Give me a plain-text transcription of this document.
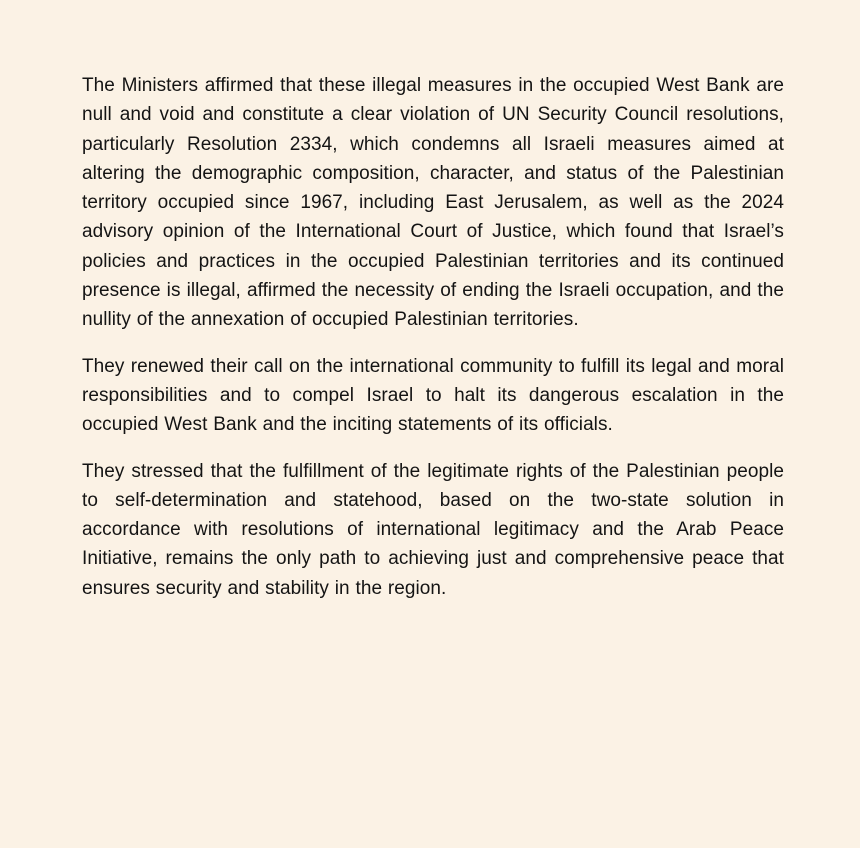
The Ministers affirmed that these illegal measures in the occupied West Bank are null and void and constitute a clear violation of UN Security Council resolutions, particularly Resolution 2334, which condemns all Israeli measures aimed at altering the demographic composition, character, and status of the Palestinian territory occupied since 1967, including East Jerusalem, as well as the 2024 advisory opinion of the International Court of Justice, which found that Israel’s policies and practices in the occupied Palestinian territories and its continued presence is illegal, affirmed the necessity of ending the Israeli occupation, and the nullity of the annexation of occupied Palestinian territories.

They renewed their call on the international community to fulfill its legal and moral responsibilities and to compel Israel to halt its dangerous escalation in the occupied West Bank and the inciting statements of its officials.

They stressed that the fulfillment of the legitimate rights of the Palestinian people to self-determination and statehood, based on the two-state solution in accordance with resolutions of international legitimacy and the Arab Peace Initiative, remains the only path to achieving just and comprehensive peace that ensures security and stability in the region.
